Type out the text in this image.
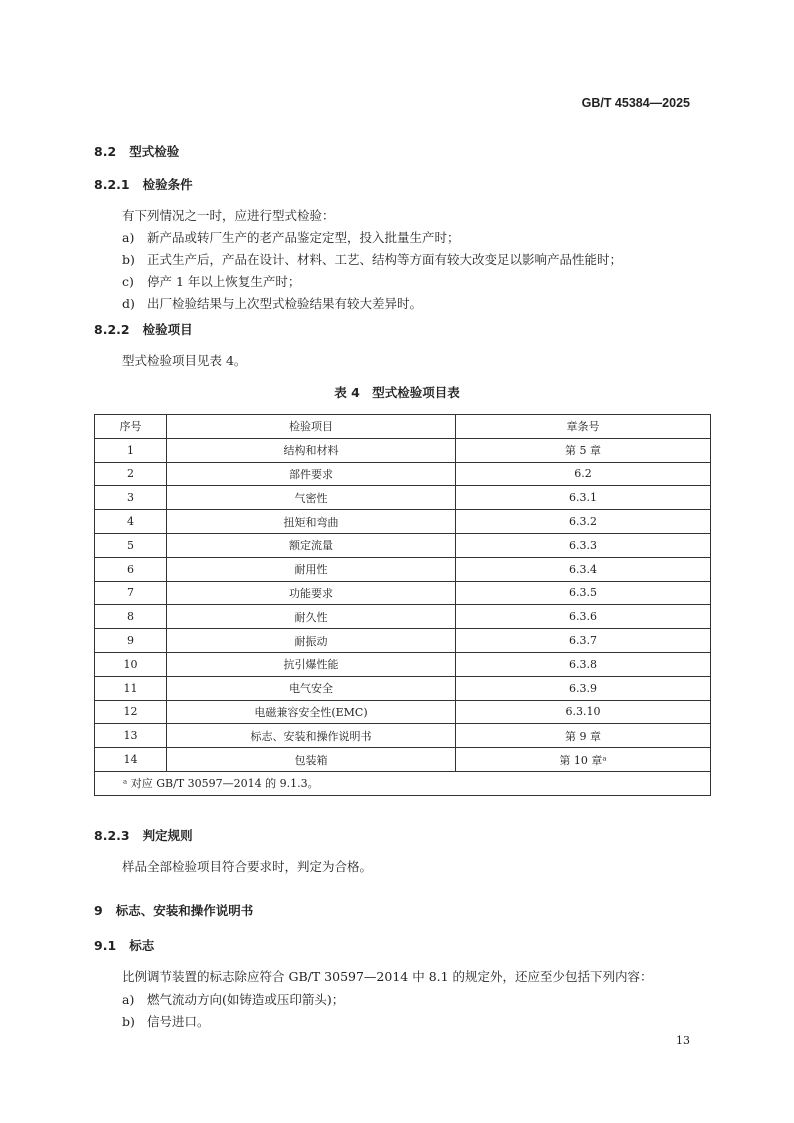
GB/T 45384—2025
8.2 型式检验
8.2.1 检验条件
有下列情况之一时，应进行型式检验：
a) 新产品或转厂生产的老产品鉴定定型，投入批量生产时；
b) 正式生产后，产品在设计、材料、工艺、结构等方面有较大改变足以影响产品性能时；
c) 停产 1 年以上恢复生产时；
d) 出厂检验结果与上次型式检验结果有较大差异时。
8.2.2 检验项目
型式检验项目见表 4。
表 4　型式检验项目表
序号	检验项目	章条号
1	结构和材料	第 5 章
2	部件要求	6.2
3	气密性	6.3.1
4	扭矩和弯曲	6.3.2
5	额定流量	6.3.3
6	耐用性	6.3.4
7	功能要求	6.3.5
8	耐久性	6.3.6
9	耐振动	6.3.7
10	抗引爆性能	6.3.8
11	电气安全	6.3.9
12	电磁兼容安全性(EMC)	6.3.10
13	标志、安装和操作说明书	第 9 章
14	包装箱	第 10 章ᵃ
ᵃ 对应 GB/T 30597—2014 的 9.1.3。		
8.2.3 判定规则
样品全部检验项目符合要求时，判定为合格。
9 标志、安装和操作说明书
9.1 标志
比例调节装置的标志除应符合 GB/T 30597—2014 中 8.1 的规定外，还应至少包括下列内容：
a) 燃气流动方向(如铸造或压印箭头)；
b) 信号进口。
13
